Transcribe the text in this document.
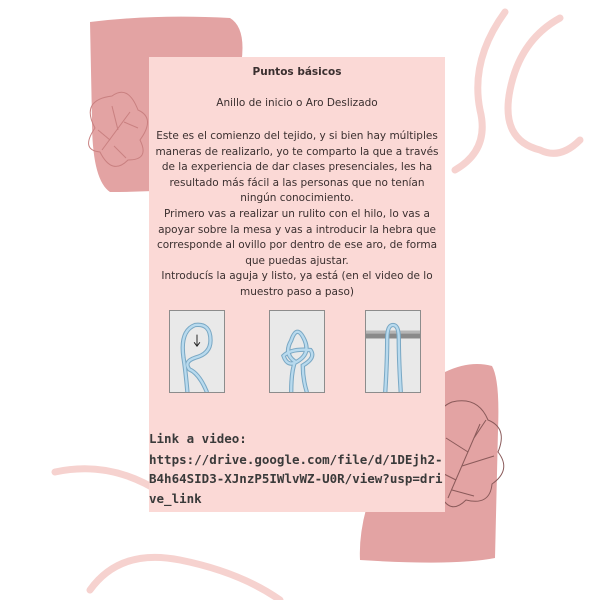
Puntos básicos
Anillo de inicio o Aro Deslizado

Este es el comienzo del tejido, y si bien hay múltiples maneras de realizarlo, yo te comparto la que a través de la experiencia de dar clases presenciales, les ha resultado más fácil a las personas que no tenían ningún conocimiento.

Primero vas a realizar un rulito con el hilo, lo vas a apoyar sobre la mesa y vas a introducir la hebra que corresponde al ovillo por dentro de ese aro, de forma que puedas ajustar.

Introducís la aguja y listo, ya está (en el video de lo muestro paso a paso)

Link a video:

https://drive.google.com/file/d/1DEjh2-B4h64SID3-XJnzP5IWlvWZ-U0R/view?usp=drive_link
